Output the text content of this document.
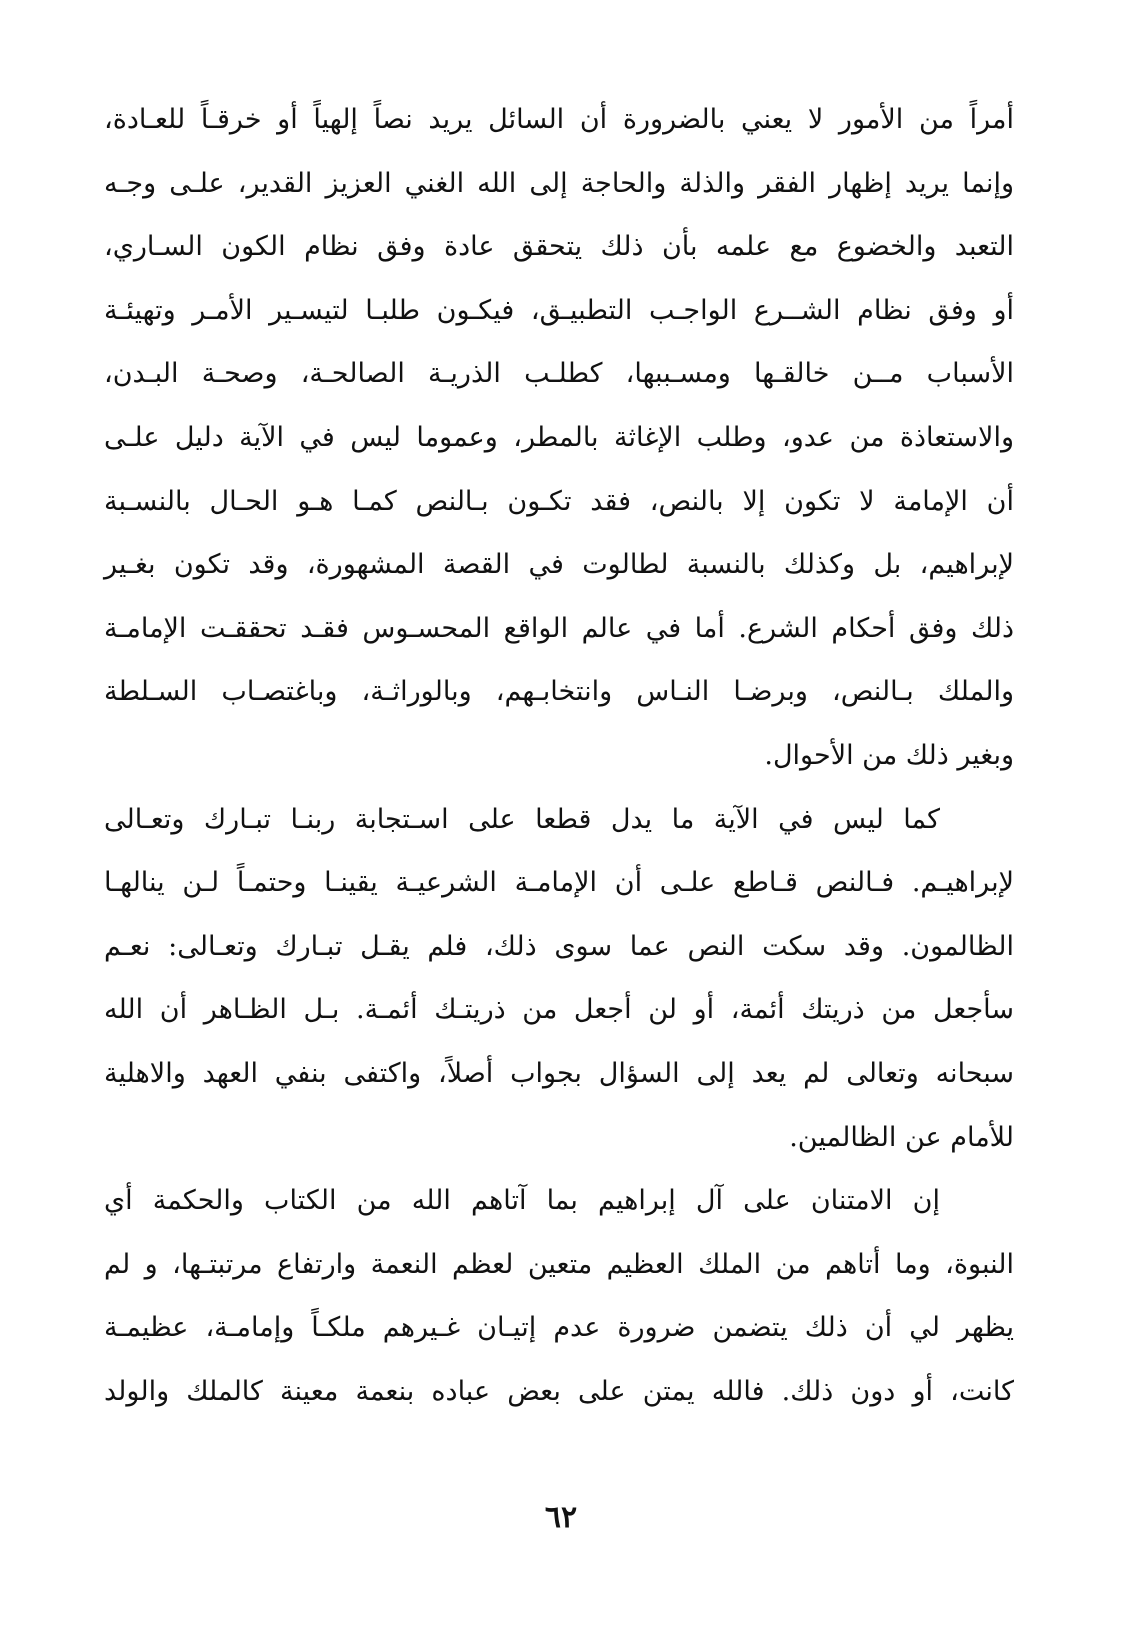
أمراً من الأمور لا يعني بالضرورة أن السائل يريد نصاً إلهياً أو خرقـاً للعـادة،
وإنما يريد إظهار الفقر والذلة والحاجة إلى الله الغني العزيز القدير، علـى وجـه
التعبد والخضوع مع علمه بأن ذلك يتحقق عادة وفق نظام الكون السـاري،
أو وفق نظام الشــرع الواجـب التطبيـق، فيكـون طلبـا لتيسـير الأمـر وتهيئـة
الأسباب مــن خالقـها ومسـببها، كطلـب الذريـة الصالحـة، وصحـة البـدن،
والاستعاذة من عدو، وطلب الإغاثة بالمطر، وعموما ليس في الآية دليل علـى
أن الإمامة لا تكون إلا بالنص، فقد تكـون بـالنص كمـا هـو الحـال بالنسـبة
لإبراهيم، بل وكذلك بالنسبة لطالوت في القصة المشهورة، وقد تكون بغـير
ذلك وفق أحكام الشرع. أما في عالم الواقع المحسـوس فقـد تحققـت الإمامـة
والملك بـالنص، وبرضـا النـاس وانتخابـهم، وبالوراثـة، وباغتصـاب السـلطة
وبغير ذلك من الأحوال.
كما ليس في الآية ما يدل قطعا على اسـتجابة ربنـا تبـارك وتعـالى
لإبراهيـم. فـالنص قـاطع علـى أن الإمامـة الشرعيـة يقينـا وحتمـاً لـن ينالهـا
الظالمون. وقد سكت النص عما سوى ذلك، فلم يقـل تبـارك وتعـالى: نعـم
سأجعل من ذريتك أئمة، أو لن أجعل من ذريتـك أئمـة. بـل الظـاهر أن الله
سبحانه وتعالى لم يعد إلى السؤال بجواب أصلاً، واكتفى بنفي العهد والاهلية
للأمام عن الظالمين.
إن الامتنان على آل إبراهيم بما آتاهم الله من الكتاب والحكمة أي
النبوة، وما أتاهم من الملك العظيم متعين لعظم النعمة وارتفاع مرتبتـها، و لم
يظهر لي أن ذلك يتضمن ضرورة عدم إتيـان غـيرهم ملكـاً وإمامـة، عظيمـة
كانت، أو دون ذلك. فالله يمتن على بعض عباده بنعمة معينة كالملك والولد
٦٢
